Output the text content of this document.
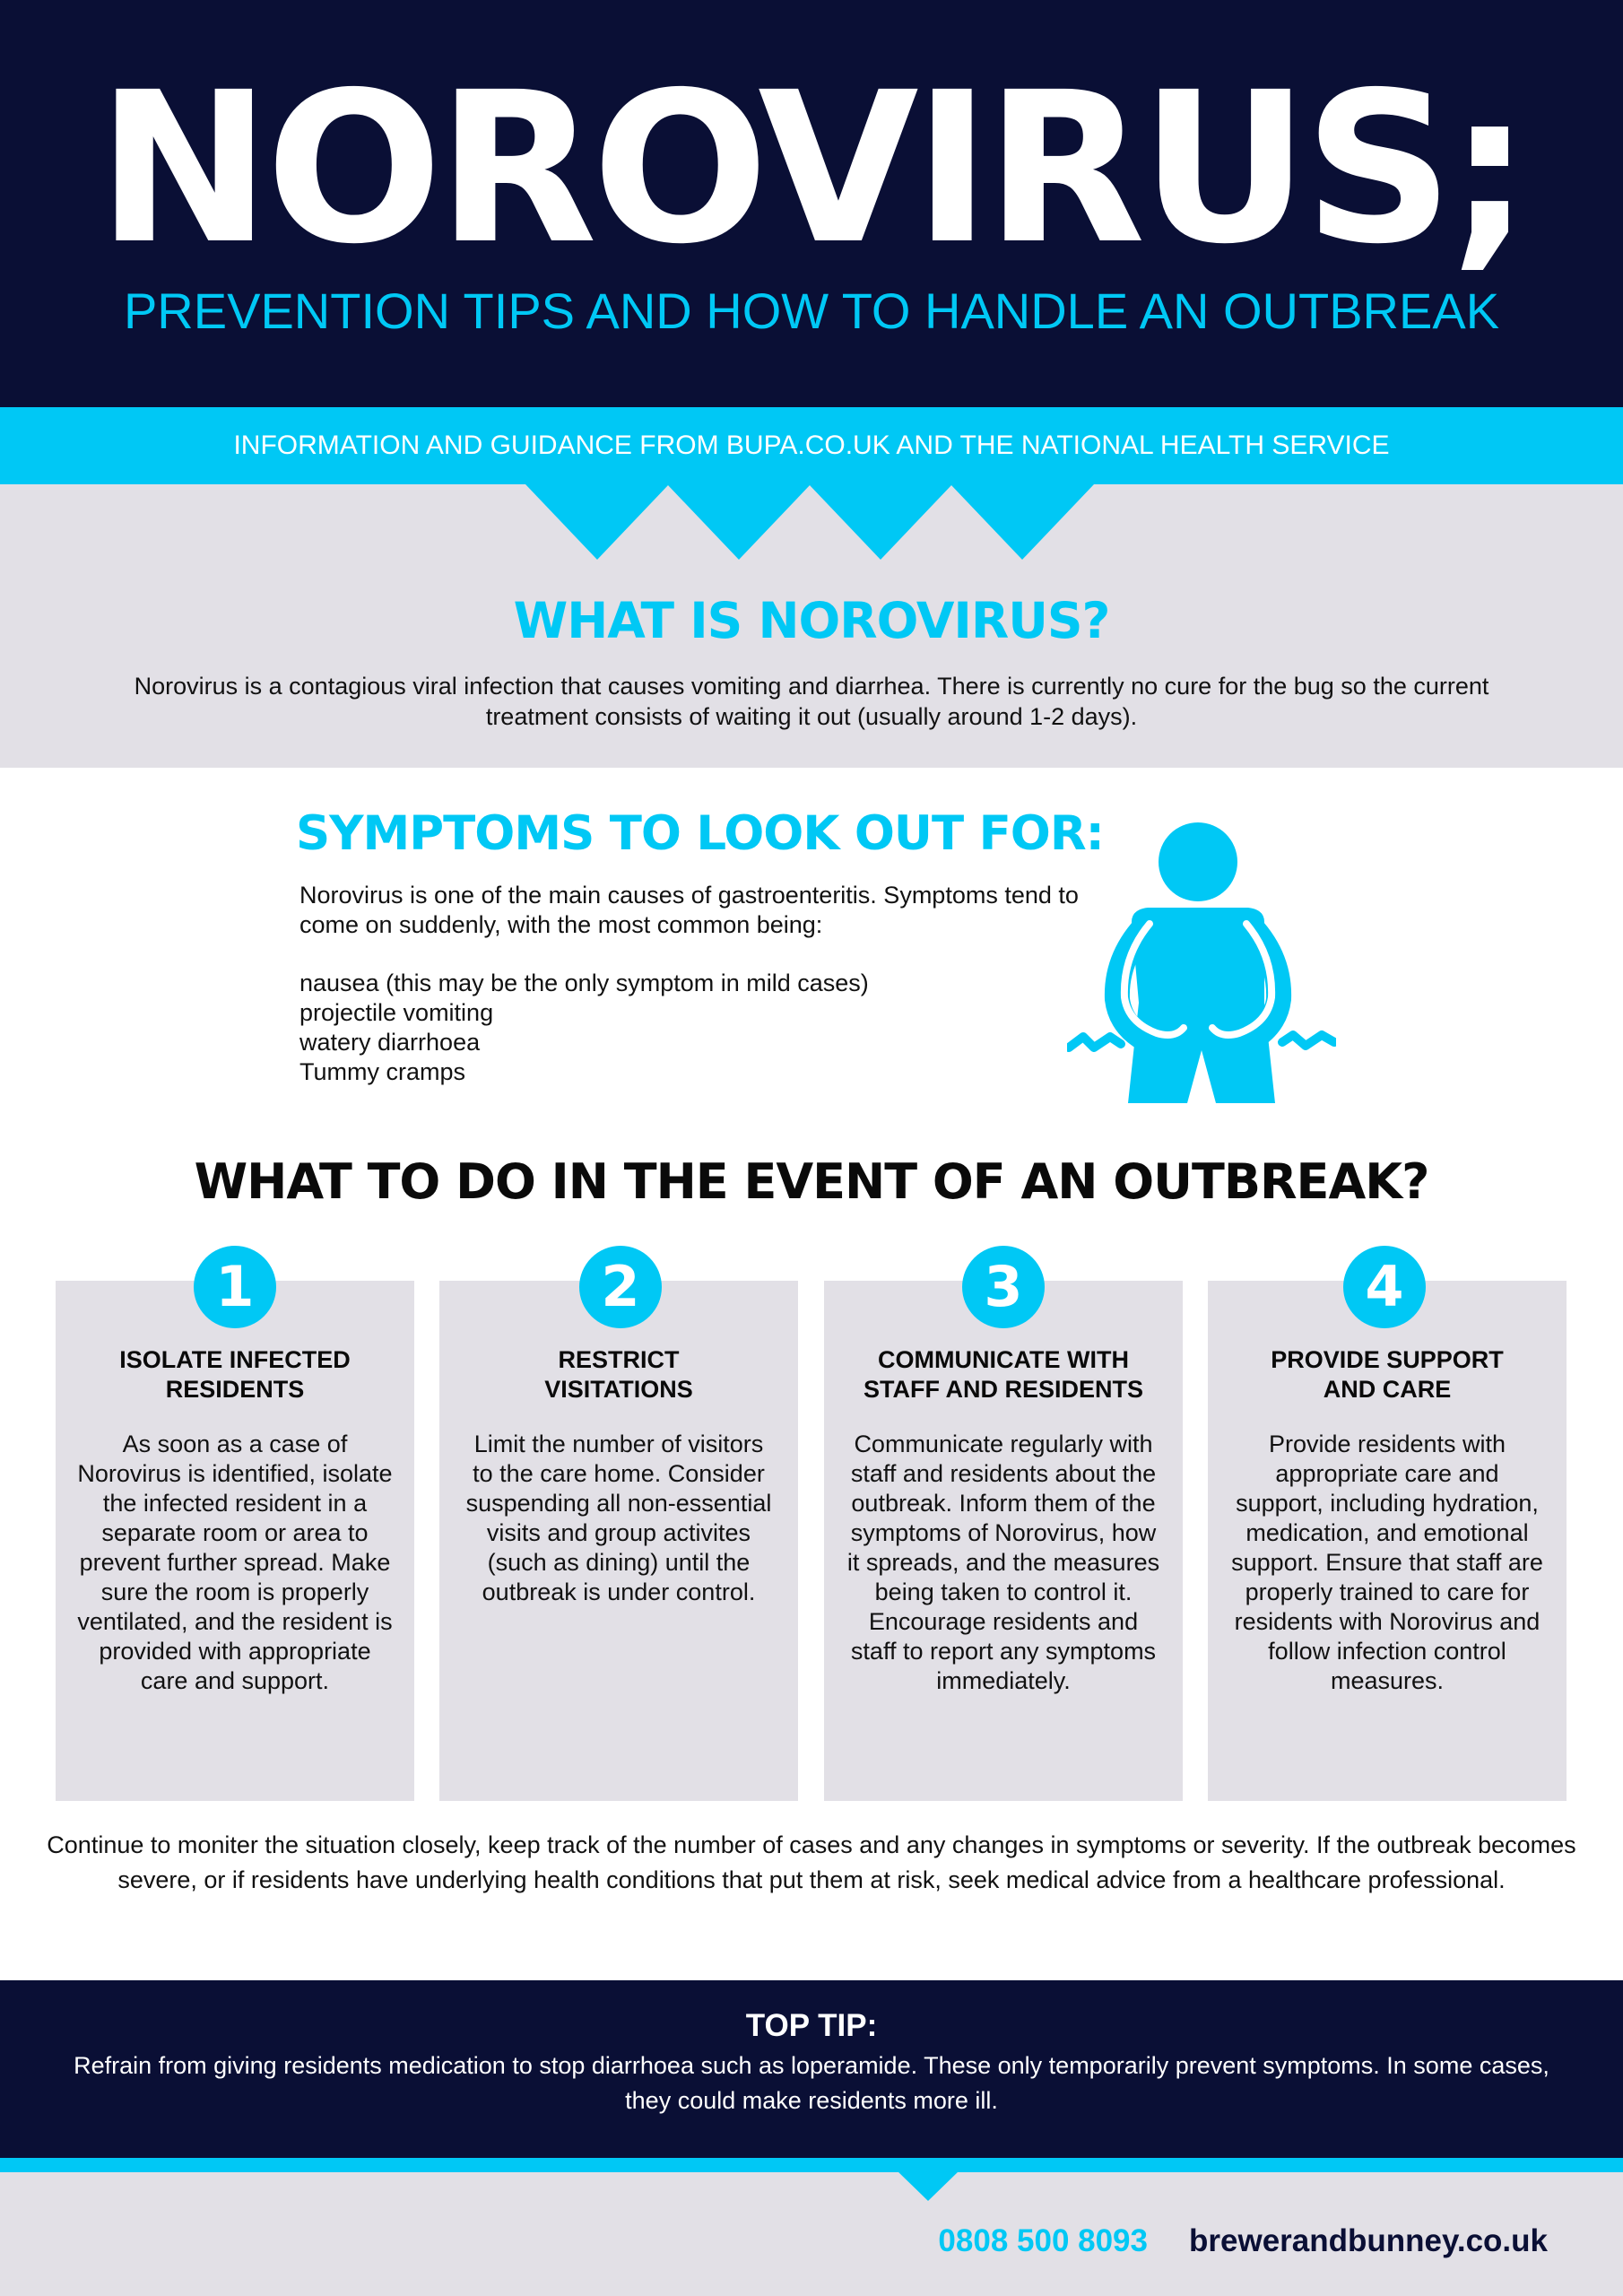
NOROVIRUS;
PREVENTION TIPS AND HOW TO HANDLE AN OUTBREAK
INFORMATION AND GUIDANCE FROM BUPA.CO.UK AND THE NATIONAL HEALTH SERVICE
WHAT IS NOROVIRUS?

Norovirus is a contagious viral infection that causes vomiting and diarrhea. There is currently no cure for the bug so the current treatment consists of waiting it out (usually around 1-2 days).

SYMPTOMS TO LOOK OUT FOR:

Norovirus is one of the main causes of gastroenteritis. Symptoms tend to come on suddenly, with the most common being:

nausea (this may be the only symptom in mild cases)
projectile vomiting
watery diarrhoea
Tummy cramps
WHAT TO DO IN THE EVENT OF AN OUTBREAK?
1
ISOLATE INFECTED RESIDENTS
As soon as a case of Norovirus is identified, isolate the infected resident in a separate room or area to prevent further spread. Make sure the room is properly ventilated, and the resident is provided with appropriate care and support.
2
RESTRICT VISITATIONS
Limit the number of visitors to the care home. Consider suspending all non-essential visits and group activites (such as dining) until the outbreak is under control.
3
COMMUNICATE WITH STAFF AND RESIDENTS
Communicate regularly with staff and residents about the outbreak. Inform them of the symptoms of Norovirus, how it spreads, and the measures being taken to control it. Encourage residents and staff to report any symptoms immediately.
4
PROVIDE SUPPORT AND CARE
Provide residents with appropriate care and support, including hydration, medication, and emotional support. Ensure that staff are properly trained to care for residents with Norovirus and follow infection control measures.

Continue to moniter the situation closely, keep track of the number of cases and any changes in symptoms or severity. If the outbreak becomes severe, or if residents have underlying health conditions that put them at risk, seek medical advice from a healthcare professional.

TOP TIP:

Refrain from giving residents medication to stop diarrhoea such as loperamide. These only temporarily prevent symptoms. In some cases, they could make residents more ill.

0808 500 8093 brewerandbunney.co.uk
